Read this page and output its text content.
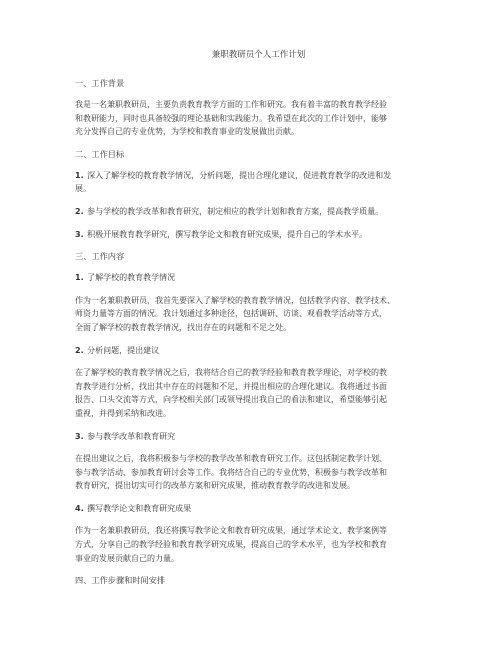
兼职教研员个人工作计划
一、工作背景
我是一名兼职教研员，主要负责教育教学方面的工作和研究。我有着丰富的教育教学经验
和教研能力，同时也具备较强的理论基础和实践能力。我希望在此次的工作计划中，能够
充分发挥自己的专业优势，为学校和教育事业的发展做出贡献。
二、工作目标
1. 深入了解学校的教育教学情况，分析问题，提出合理化建议，促进教育教学的改进和发
展。
2. 参与学校的教学改革和教育研究，制定相应的教学计划和教育方案，提高教学质量。
3. 积极开展教育教学研究，撰写教学论文和教育研究成果，提升自己的学术水平。
三、工作内容
1. 了解学校的教育教学情况
作为一名兼职教研员，我首先要深入了解学校的教育教学情况，包括教学内容、教学技术、
师资力量等方面的情况。我计划通过多种途径，包括调研、访谈、观看教学活动等方式，
全面了解学校的教育教学情况，找出存在的问题和不足之处。
2. 分析问题，提出建议
在了解学校的教育教学情况之后，我将结合自己的教学经验和教育教学理论，对学校的教
育教学进行分析，找出其中存在的问题和不足，并提出相应的合理化建议。我将通过书面
报告、口头交流等方式，向学校相关部门或领导提出我自己的看法和建议，希望能够引起
重视，并得到采纳和改进。
3. 参与教学改革和教育研究
在提出建议之后，我将积极参与学校的教学改革和教育研究工作。这包括制定教学计划、
参与教学活动、参加教育研讨会等工作。我将结合自己的专业优势，积极参与教学改革和
教育研究，提出切实可行的改革方案和研究成果，推动教育教学的改进和发展。
4. 撰写教学论文和教育研究成果
作为一名兼职教研员，我还将撰写教学论文和教育研究成果，通过学术论文、教学案例等
方式，分享自己的教学经验和教育教学研究成果，提高自己的学术水平，也为学校和教育
事业的发展贡献自己的力量。
四、工作步骤和时间安排
